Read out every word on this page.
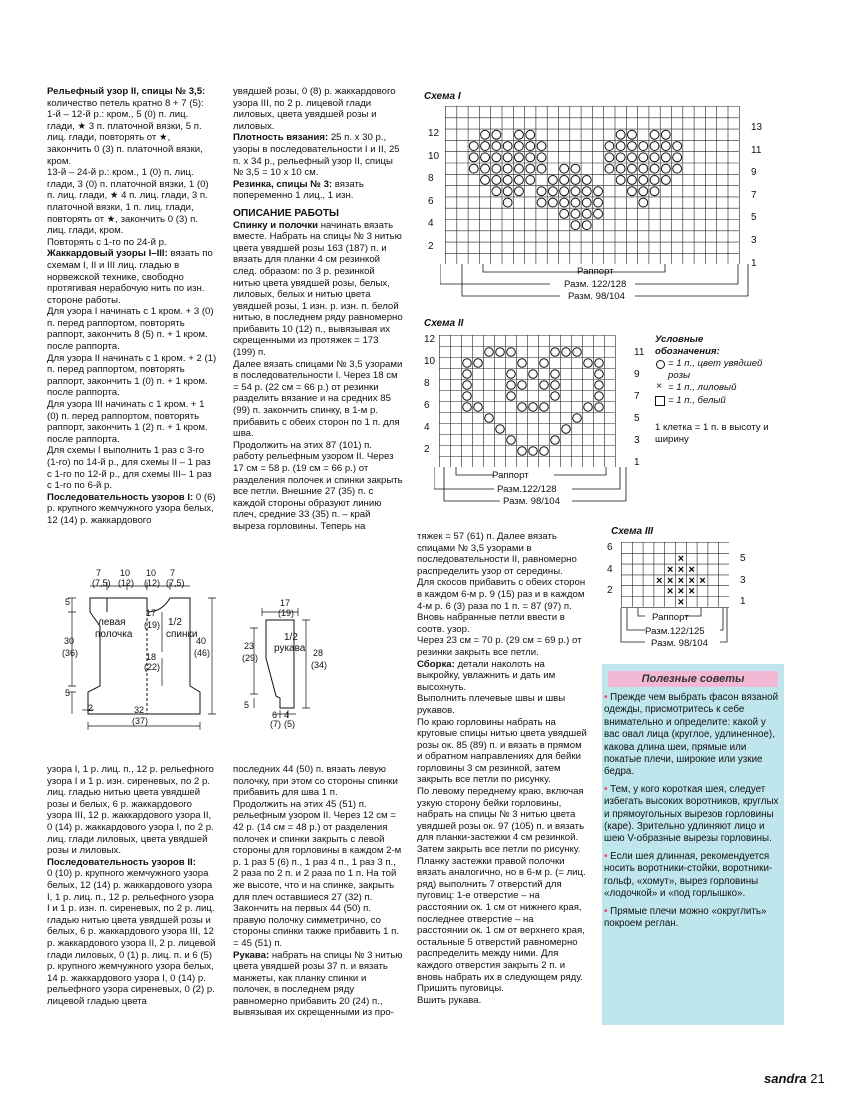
Рельефный узор II, спицы № 3,5:

количество петель кратно 8 + 7 (5):

1-й – 12-й р.: кром., 5 (0) п. лиц. глади, ★ 3 п. платочной вязки, 5 п. лиц. глади, повторять от ★, закончить 0 (3) п. платочной вязки, кром.

13-й – 24-й р.: кром., 1 (0) п. лиц. глади, 3 (0) п. платочной вязки, 1 (0) п. лиц. глади, ★ 4 п. лиц. глади, 3 п. платочной вязки, 1 п. лиц. глади, повторять от ★, закончить 0 (3) п. лиц. глади, кром.

Повторять с 1-го по 24-й р.

Жаккардовый узоры I–III: вязать по схемам I, II и III лиц. гладью в норвежской технике, свободно протягивая нерабочую нить по изн. стороне работы.

Для узора I начинать с 1 кром. + 3 (0) п. перед раппортом, повторять раппорт, закончить 8 (5) п. + 1 кром. после раппорта.

Для узора II начинать с 1 кром. + 2 (1) п. перед раппортом, повторять раппорт, закончить 1 (0) п. + 1 кром. после раппорта.

Для узора III начинать с 1 кром. + 1 (0) п. перед раппортом, повторять раппорт, закончить 1 (2) п. + 1 кром. после раппорта.

Для схемы I выполнить 1 раз с 3-го (1-го) по 14-й р., для схемы II – 1 раз с 1-го по 12-й р., для схемы III– 1 раз с 1-го по 6-й р.

Последовательность узоров I: 0 (6) р. крупного жемчужного узора белых, 12 (14) р. жаккардового

увядшей розы, 0 (8) р. жаккардового узора III, по 2 р. лицевой глади лиловых, цвета увядшей розы и лиловых.

Плотность вязания: 25 п. х 30 р., узоры в последовательности I и II, 25 п. х 34 р., рельефный узор II, спицы № 3,5 = 10 х 10 см.

Резинка, спицы № 3: вязать попеременно 1 лиц., 1 изн.

ОПИСАНИЕ РАБОТЫ

Спинку и полочки начинать вязать вместе. Набрать на спицы № 3 нитью цвета увядшей розы 163 (187) п. и вязать для планки 4 см резинкой след. образом: по 3 р. резинкой нитью цвета увядшей розы, белых, лиловых, белых и нитью цвета увядшей розы, 1 изн. р. изн. п. белой нитью, в последнем ряду равномерно прибавить 10 (12) п., вывязывая их скрещенными из протяжек = 173 (199) п.

Далее вязать спицами № 3,5 узорами в последовательности I. Через 18 см = 54 р. (22 см = 66 р.) от резинки разделить вязание и на средних 85 (99) п. закончить спинку, в 1-м р. прибавить с обеих сторон по 1 п. для шва.

Продолжить на этих 87 (101) п. работу рельефным узором II. Через 17 см = 58 р. (19 см = 66 р.) от разделения полочек и спинки закрыть все петли. Внешние 27 (35) п. с каждой стороны образуют линию плеч, средние 33 (35) п. – край выреза горловины. Теперь на

тяжек = 57 (61) п. Далее вязать спицами № 3,5 узорами в последовательности II, равномерно распределить узор от середины.

Для скосов прибавить с обеих сторон в каждом 6-м р. 9 (15) раз и в каждом 4-м р. 6 (3) раза по 1 п. = 87 (97) п. Вновь набранные петли ввести в соотв. узор.

Через 23 см = 70 р. (29 см = 69 р.) от резинки закрыть все петли.

Сборка: детали наколоть на выкройку, увлажнить и дать им высохнуть.

Выполнить плечевые швы и швы рукавов.

По краю горловины набрать на круговые спицы нитью цвета увядшей розы ок. 85 (89) п. и вязать в прямом и обратном направлениях для бейки горловины 3 см резинкой, затем закрыть все петли по рисунку.

По левому переднему краю, включая узкую сторону бейки горловины, набрать на спицы № 3 нитью цвета увядшей розы ок. 97 (105) п. и вязать для планки-застежки 4 см резинкой. Затем закрыть все петли по рисунку. Планку застежки правой полочки вязать аналогично, но в 6-м р. (= лиц. ряд) выполнить 7 отверстий для пуговиц: 1-е отверстие – на расстоянии ок. 1 см от нижнего края, последнее отверстие – на расстоянии ок. 1 см от верхнего края, остальные 5 отверстий равномерно распределить между ними. Для каждого отверстия закрыть 2 п. и вновь набрать их в следующем ряду. Пришить пуговицы.

Вшить рукава.

узора I, 1 р. лиц. п., 12 р. рельефного узора I и 1 р. изн. сиреневых, по 2 р. лиц. гладью нитью цвета увядшей розы и белых, 6 р. жаккардового узора III, 12 р. жаккардового узора II, 0 (14) р. жаккардового узора I, по 2 р. лиц. глади лиловых, цвета увядшей розы и лиловых.

Последовательность узоров II:

0 (10) р. крупного жемчужного узора белых, 12 (14) р. жаккардового узора I, 1 р. лиц. п., 12 р. рельефного узора I и 1 р. изн. п. сиреневых, по 2 р. лиц. гладью нитью цвета увядшей розы и белых, 6 р. жаккардового узора III, 12 р. жаккардового узора II, 2 р. лицевой глади лиловых, 0 (1) р. лиц. п. и 6 (5) р. крупного жемчужного узора белых, 14 р. жаккардового узора I, 0 (14) р. рельефного узора сиреневых, 0 (2) р. лицевой гладью цвета

последних 44 (50) п. вязать левую полочку, при этом со стороны спинки прибавить для шва 1 п.

Продолжить на этих 45 (51) п. рельефным узором II. Через 12 см = 42 р. (14 см = 48 р.) от разделения полочек и спинки закрыть с левой стороны для горловины в каждом 2-м р. 1 раз 5 (6) п., 1 раз 4 п., 1 раз 3 п., 2 раза по 2 п. и 2 раза по 1 п. На той же высоте, что и на спинке, закрыть для плеч оставшиеся 27 (32) п.

Закончить на первых 44 (50) п. правую полочку симметрично, со стороны спинки также прибавить 1 п. = 45 (51) п.

Рукава: набрать на спицы № 3 нитью цвета увядшей розы 37 п. и вязать манжеты, как планку спинки и полочек, в последнем ряду равномерно прибавить 20 (24) п., вывязывая их скрещенными из про-

Схема I
12
10
8
6
4
2
13
11
9
7
5
3
1
Раппорт
Разм. 122/128
Разм. 98/104
Схема II
12
10
8
6
4
2
11
9
7
5
3
1
Раппорт
Разм.122/128
Разм. 98/104
Условные
обозначения:
= 1 п., цвет увядшей розы
× = 1 п., лиловый
= 1 п., белый
1 клетка = 1 п. в высоту и ширину
Схема III
×
× × ×
× × × × ×
× × ×
×
6
4
2
5
3
1
Раппорт
Разм.122/125
Разм. 98/104
7
(7,5)
10
(12)
10
(12)
7
(7,5)
5
30
(36)
17
(19)
18
(22)
40
(46)
5
2	32
(37)
левая
полочка
1/2
спинки
17
(19)
23
(29)	28
(34)
5
6 4
(7) (5)
1/2
рукава
Полезные советы

• Прежде чем выбрать фасон вязаной одежды, присмотритесь к себе внимательно и определите: какой у вас овал лица (круглое, удлиненное), какова длина шеи, прямые или покатые плечи, широкие или узкие бедра.

• Тем, у кого короткая шея, следует избегать высоких воротников, круглых и прямоугольных вырезов горловины (каре). Зрительно удлиняют лицо и шею V-образные вырезы горловины.

• Если шея длинная, рекомендуется носить воротники-стойки, воротники-гольф, «хомут», вырез горловины «лодочкой» и «под горлышко».

• Прямые плечи можно «округлить» покроем реглан.

sandra 21
